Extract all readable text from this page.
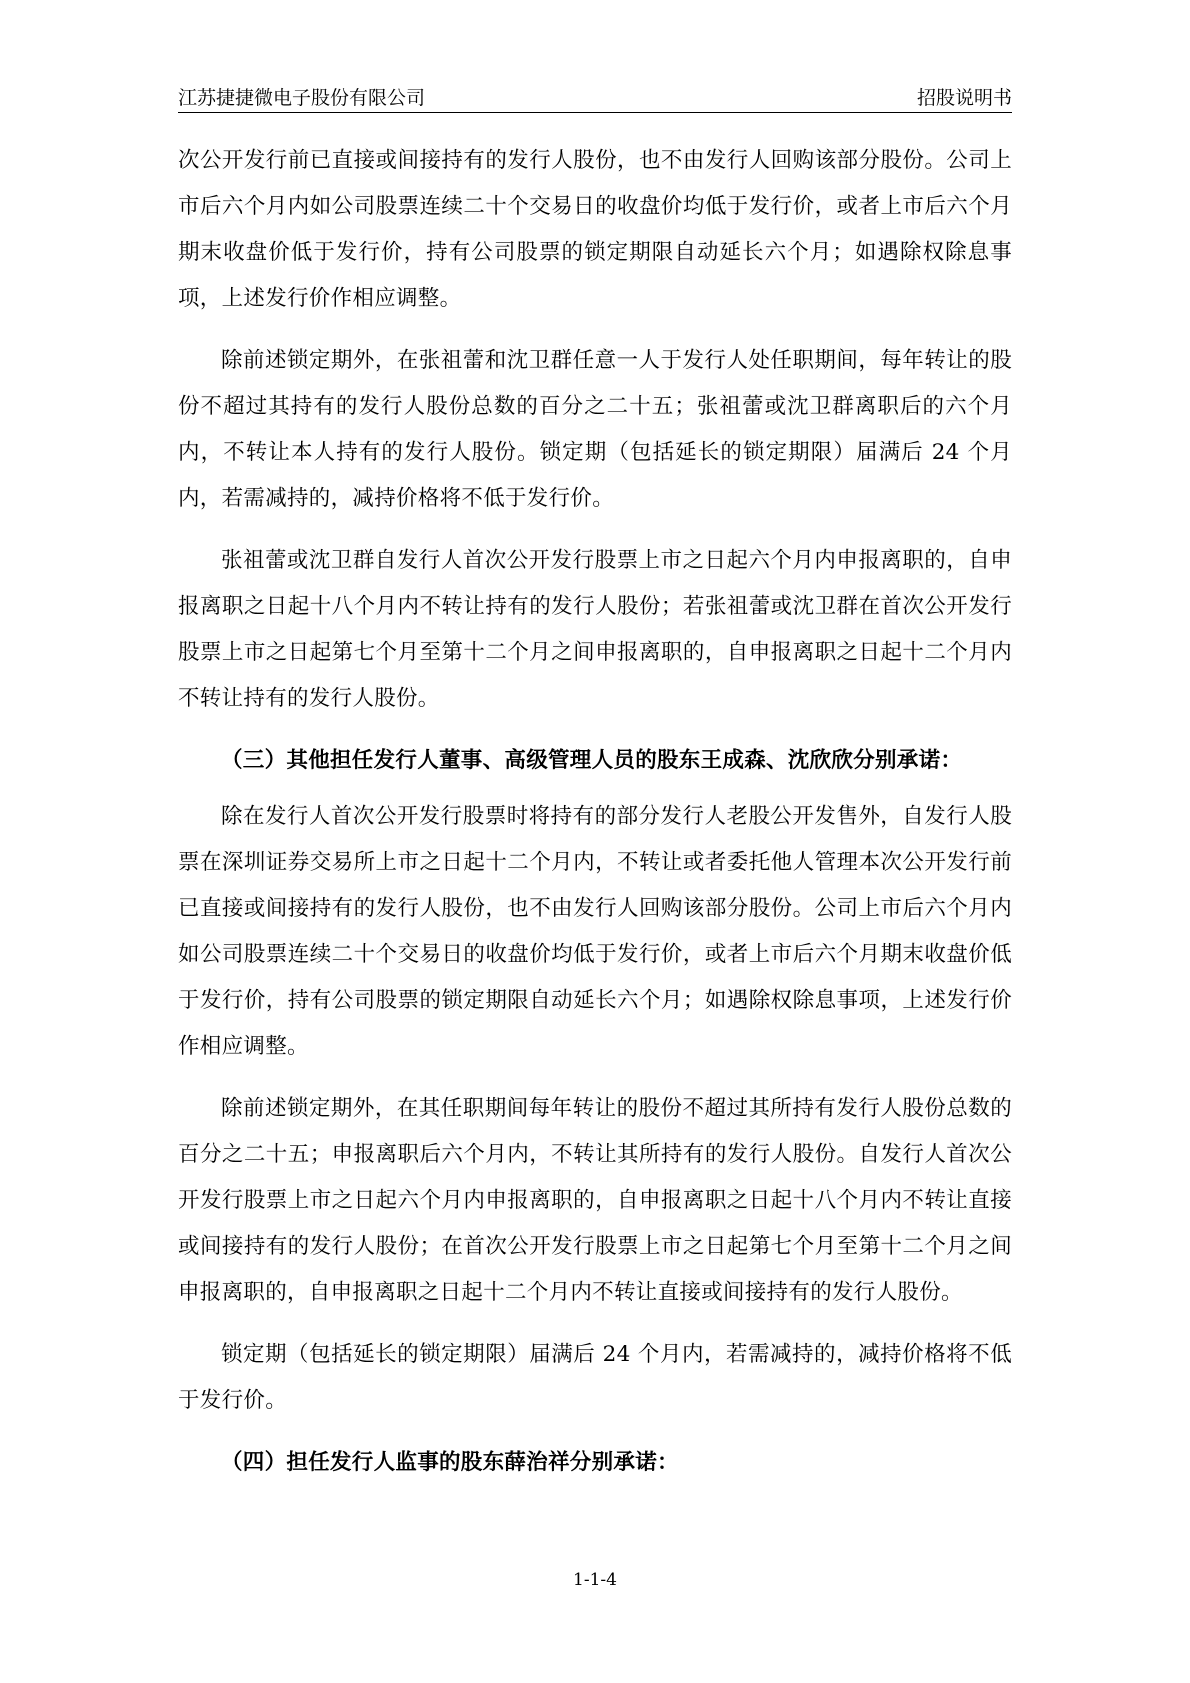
江苏捷捷微电子股份有限公司	招股说明书

次公开发行前已直接或间接持有的发行人股份，也不由发行人回购该部分股份。公司上市后六个月内如公司股票连续二十个交易日的收盘价均低于发行价，或者上市后六个月期末收盘价低于发行价，持有公司股票的锁定期限自动延长六个月；如遇除权除息事项，上述发行价作相应调整。

除前述锁定期外，在张祖蕾和沈卫群任意一人于发行人处任职期间，每年转让的股份不超过其持有的发行人股份总数的百分之二十五；张祖蕾或沈卫群离职后的六个月内，不转让本人持有的发行人股份。锁定期（包括延长的锁定期限）届满后 24 个月内，若需减持的，减持价格将不低于发行价。

张祖蕾或沈卫群自发行人首次公开发行股票上市之日起六个月内申报离职的，自申报离职之日起十八个月内不转让持有的发行人股份；若张祖蕾或沈卫群在首次公开发行股票上市之日起第七个月至第十二个月之间申报离职的，自申报离职之日起十二个月内不转让持有的发行人股份。

（三）其他担任发行人董事、高级管理人员的股东王成森、沈欣欣分别承诺：

除在发行人首次公开发行股票时将持有的部分发行人老股公开发售外，自发行人股票在深圳证券交易所上市之日起十二个月内，不转让或者委托他人管理本次公开发行前已直接或间接持有的发行人股份，也不由发行人回购该部分股份。公司上市后六个月内如公司股票连续二十个交易日的收盘价均低于发行价，或者上市后六个月期末收盘价低于发行价，持有公司股票的锁定期限自动延长六个月；如遇除权除息事项，上述发行价作相应调整。

除前述锁定期外，在其任职期间每年转让的股份不超过其所持有发行人股份总数的百分之二十五；申报离职后六个月内，不转让其所持有的发行人股份。自发行人首次公开发行股票上市之日起六个月内申报离职的，自申报离职之日起十八个月内不转让直接或间接持有的发行人股份；在首次公开发行股票上市之日起第七个月至第十二个月之间申报离职的，自申报离职之日起十二个月内不转让直接或间接持有的发行人股份。

锁定期（包括延长的锁定期限）届满后 24 个月内，若需减持的，减持价格将不低于发行价。

（四）担任发行人监事的股东薛治祥分别承诺：

1-1-4
